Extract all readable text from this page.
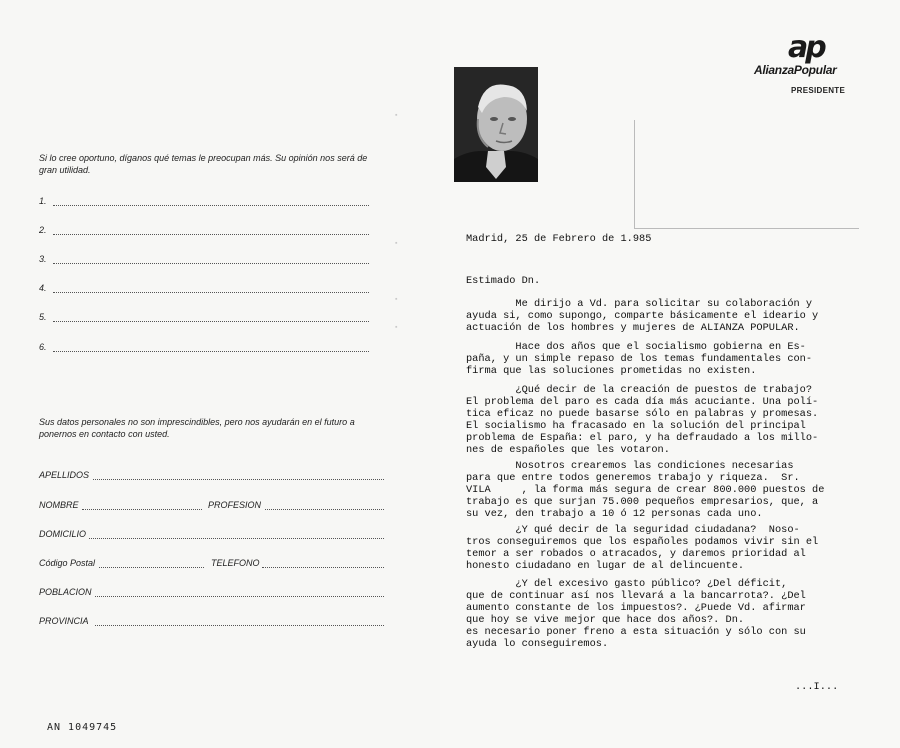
Si lo cree oportuno, díganos qué temas le preocupan más. Su opinión nos será de gran utilidad.
1.
2.
3.
4.
5.
6.
Sus datos personales no son imprescindibles, pero nos ayudarán en el futuro a ponernos en contacto con usted.
APELLIDOS
NOMBRE	PROFESION
DOMICILIO
Código Postal	TELEFONO
POBLACION
PROVINCIA
▪
▪
▪
▪
AN 1049745
ap
AlianzaPopular
PRESIDENTE
Madrid, 25 de Febrero de 1.985
Estimado Dn.
Me dirijo a Vd. para solicitar su colaboración y
ayuda si, como supongo, comparte básicamente el ideario y
actuación de los hombres y mujeres de ALIANZA POPULAR.
Hace dos años que el socialismo gobierna en Es-
paña, y un simple repaso de los temas fundamentales con-
firma que las soluciones prometidas no existen.
¿Qué decir de la creación de puestos de trabajo?
El problema del paro es cada día más acuciante. Una polí-
tica eficaz no puede basarse sólo en palabras y promesas.
El socialismo ha fracasado en la solución del principal
problema de España: el paro, y ha defraudado a los millo-
nes de españoles que les votaron.
Nosotros crearemos las condiciones necesarias
para que entre todos generemos trabajo y riqueza.  Sr.
VILA     , la forma más segura de crear 800.000 puestos de
trabajo es que surjan 75.000 pequeños empresarios, que, a
su vez, den trabajo a 10 ó 12 personas cada uno.
¿Y qué decir de la seguridad ciudadana?  Noso-
tros conseguiremos que los españoles podamos vivir sin el
temor a ser robados o atracados, y daremos prioridad al
honesto ciudadano en lugar de al delincuente.
¿Y del excesivo gasto público? ¿Del déficit,
que de continuar así nos llevará a la bancarrota?. ¿Del
aumento constante de los impuestos?. ¿Puede Vd. afirmar
que hoy se vive mejor que hace dos años?. Dn.
es necesario poner freno a esta situación y sólo con su
ayuda lo conseguiremos.
...I...
